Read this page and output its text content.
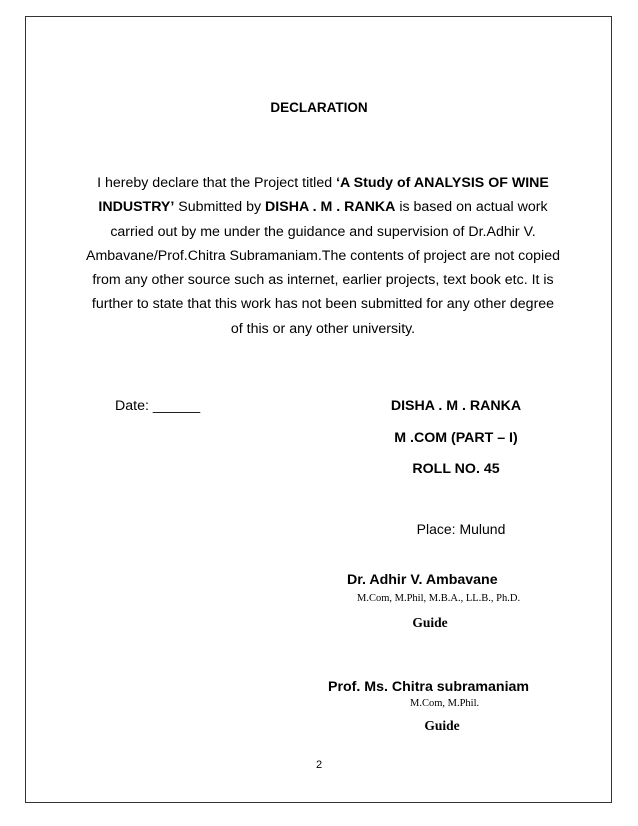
DECLARATION
I hereby declare that the Project titled ‘A Study of ANALYSIS OF WINE
INDUSTRY’ Submitted by DISHA . M . RANKA is based on actual work
carried out by me under the guidance and supervision of Dr.Adhir V.
Ambavane/Prof.Chitra Subramaniam.The contents of project are not copied
from any other source such as internet, earlier projects, text book etc. It is
further to state that this work has not been submitted for any other degree
of this or any other university.
Date: ______	DISHA . M . RANKA
M .COM (PART – I)
ROLL NO. 45
Place: Mulund
Dr. Adhir V. Ambavane
M.Com, M.Phil, M.B.A., LL.B., Ph.D.
Guide
Prof. Ms. Chitra subramaniam
M.Com, M.Phil.
Guide
2
